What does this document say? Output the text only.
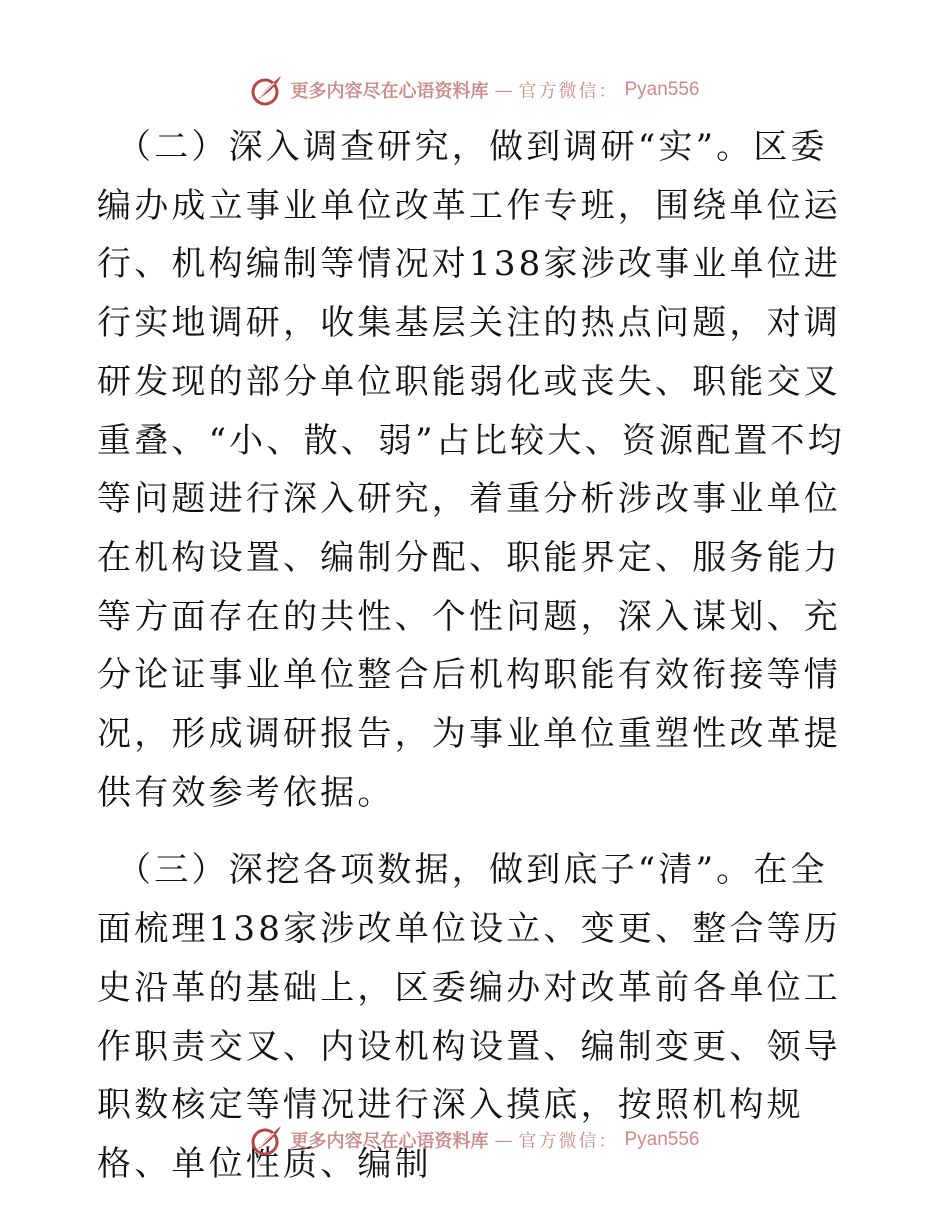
更多内容尽在心语资料库 — 官方微信： Pyan556

（二）深入调查研究，做到调研“实”。区委编办成立事业单位改革工作专班，围绕单位运行、机构编制等情况对138家涉改事业单位进行实地调研，收集基层关注的热点问题，对调研发现的部分单位职能弱化或丧失、职能交叉重叠、“小、散、弱”占比较大、资源配置不均等问题进行深入研究，着重分析涉改事业单位在机构设置、编制分配、职能界定、服务能力等方面存在的共性、个性问题，深入谋划、充分论证事业单位整合后机构职能有效衔接等情况，形成调研报告，为事业单位重塑性改革提供有效参考依据。

（三）深挖各项数据，做到底子“清”。在全面梳理138家涉改单位设立、变更、整合等历史沿革的基础上，区委编办对改革前各单位工作职责交叉、内设机构设置、编制变更、领导职数核定等情况进行深入摸底，按照机构规格、单位性质、编制

更多内容尽在心语资料库 — 官方微信： Pyan556
